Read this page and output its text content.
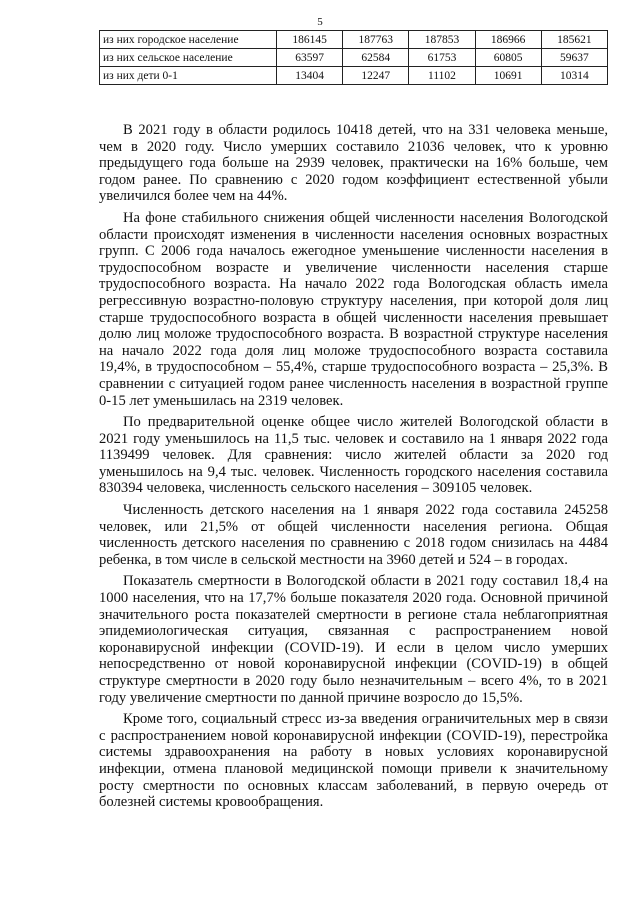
5
из них городское население	186145	187763	187853	186966	185621
из них сельское население	63597	62584	61753	60805	59637
из них дети 0-1	13404	12247	11102	10691	10314

В 2021 году в области родилось 10418 детей, что на 331 человека меньше, чем в 2020 году. Число умерших составило 21036 человек, что к уровню предыдущего года больше на 2939 человек, практически на 16% больше, чем годом ранее. По сравнению с 2020 годом коэффициент естественной убыли увеличился более чем на 44%.

На фоне стабильного снижения общей численности населения Вологодской области происходят изменения в численности населения основных возрастных групп. С 2006 года началось ежегодное уменьшение численности населения в трудоспособном возрасте и увеличение численности населения старше трудоспособного возраста. На начало 2022 года Вологодская область имела регрессивную возрастно-половую структуру населения, при которой доля лиц старше трудоспособного возраста в общей численности населения превышает долю лиц моложе трудоспособного возраста. В возрастной структуре населения на начало 2022 года доля лиц моложе трудоспособного возраста составила 19,4%, в трудоспособном – 55,4%, старше трудоспособного возраста – 25,3%. В сравнении с ситуацией годом ранее численность населения в возрастной группе 0-15 лет уменьшилась на 2319 человек.

По предварительной оценке общее число жителей Вологодской области в 2021 году уменьшилось на 11,5 тыс. человек и составило на 1 января 2022 года 1139499 человек. Для сравнения: число жителей области за 2020 год уменьшилось на 9,4 тыс. человек. Численность городского населения составила 830394 человека, численность сельского населения – 309105 человек.

Численность детского населения на 1 января 2022 года составила 245258 человек, или 21,5% от общей численности населения региона. Общая численность детского населения по сравнению с 2018 годом снизилась на 4484 ребенка, в том числе в сельской местности на 3960 детей и 524 – в городах.

Показатель смертности в Вологодской области в 2021 году составил 18,4 на 1000 населения, что на 17,7% больше показателя 2020 года. Основной причиной значительного роста показателей смертности в регионе стала неблагоприятная эпидемиологическая ситуация, связанная с распространением новой коронавирусной инфекции (COVID-19). И если в целом число умерших непосредственно от новой коронавирусной инфекции (COVID-19) в общей структуре смертности в 2020 году было незначительным – всего 4%, то в 2021 году увеличение смертности по данной причине возросло до 15,5%.

Кроме того, социальный стресс из-за введения ограничительных мер в связи с распространением новой коронавирусной инфекции (COVID-19), перестройка системы здравоохранения на работу в новых условиях коронавирусной инфекции, отмена плановой медицинской помощи привели к значительному росту смертности по основных классам заболеваний, в первую очередь от болезней системы кровообращения.
